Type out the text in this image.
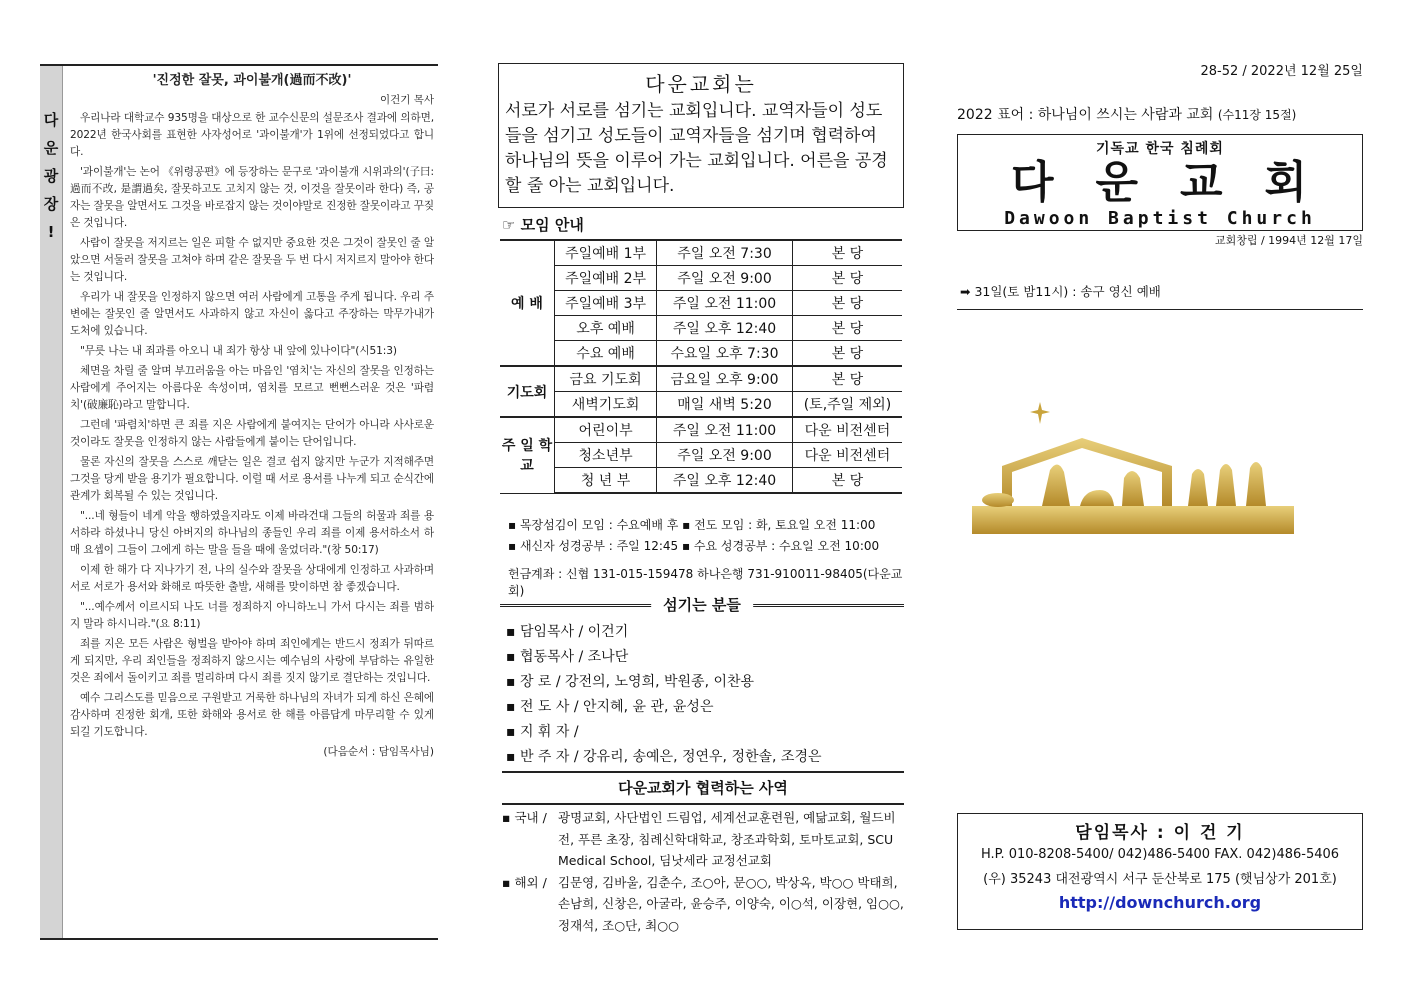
다
운
광
장
!
'진정한 잘못, 과이불개(過而不改)'
이건기 목사

우리나라 대학교수 935명을 대상으로 한 교수신문의 설문조사 결과에 의하면, 2022년 한국사회를 표현한 사자성어로 '과이불개'가 1위에 선정되었다고 합니다.

'과이불개'는 논어 《위령공편》에 등장하는 문구로 '과이불개 시위과의'(子曰: 過而不改, 是謂過矣, 잘못하고도 고치지 않는 것, 이것을 잘못이라 한다) 즉, 공자는 잘못을 알면서도 그것을 바로잡지 않는 것이야말로 진정한 잘못이라고 꾸짖은 것입니다.

사람이 잘못을 저지르는 일은 피할 수 없지만 중요한 것은 그것이 잘못인 줄 알았으면 서둘러 잘못을 고쳐야 하며 같은 잘못을 두 번 다시 저지르지 말아야 한다는 것입니다.

우리가 내 잘못을 인정하지 않으면 여러 사람에게 고통을 주게 됩니다. 우리 주변에는 잘못인 줄 알면서도 사과하지 않고 자신이 옳다고 주장하는 막무가내가 도처에 있습니다.

"무릇 나는 내 죄과를 아오니 내 죄가 항상 내 앞에 있나이다"(시51:3)

체면을 차릴 줄 알며 부끄러움을 아는 마음인 '염치'는 자신의 잘못을 인정하는 사람에게 주어지는 아름다운 속성이며, 염치를 모르고 뻔뻔스러운 것은 '파렴치'(破廉恥)라고 말합니다.

그런데 '파렴치'하면 큰 죄를 지은 사람에게 붙여지는 단어가 아니라 사사로운 것이라도 잘못을 인정하지 않는 사람들에게 붙이는 단어입니다.

물론 자신의 잘못을 스스로 깨닫는 일은 결코 쉽지 않지만 누군가 지적해주면 그것을 당게 받을 용기가 필요합니다. 이럴 때 서로 용서를 나누게 되고 순식간에 관계가 회복될 수 있는 것입니다.

"...네 형들이 네게 악을 행하였을지라도 이제 바라건대 그들의 허물과 죄를 용서하라 하셨나니 당신 아버지의 하나님의 종들인 우리 죄를 이제 용서하소서 하매 요셉이 그들이 그에게 하는 말을 들을 때에 울었더라."(창 50:17)

이제 한 해가 다 지나가기 전, 나의 실수와 잘못을 상대에게 인정하고 사과하며 서로 서로가 용서와 화해로 따뜻한 출발, 새해를 맞이하면 참 좋겠습니다.

"...예수께서 이르시되 나도 너를 정죄하지 아니하노니 가서 다시는 죄를 범하지 말라 하시니라."(요 8:11)

죄를 지은 모든 사람은 형벌을 받아야 하며 죄인에게는 반드시 정죄가 뒤따르게 되지만, 우리 죄인들을 정죄하지 않으시는 예수님의 사랑에 부담하는 유일한 것은 죄에서 돌이키고 죄를 멀리하며 다시 죄를 짓지 않기로 결단하는 것입니다.

예수 그리스도를 믿음으로 구원받고 거룩한 하나님의 자녀가 되게 하신 은혜에 감사하며 진정한 회개, 또한 화해와 용서로 한 해를 아름답게 마무리할 수 있게 되길 기도합니다.

(다음순서 : 담임목사님)
다운교회는
서로가 서로를 섬기는 교회입니다. 교역자들이 성도들을 섬기고 성도들이 교역자들을 섬기며 협력하여 하나님의 뜻을 이루어 가는 교회입니다. 어른을 공경할 줄 아는 교회입니다.
☞ 모임 안내
예 배	주일예배 1부	주일 오전 7:30	본 당
	주일예배 2부	주일 오전 9:00	본 당
	주일예배 3부	주일 오전 11:00	본 당
	오후 예배	주일 오후 12:40	본 당
	수요 예배	수요일 오후 7:30	본 당
기도회	금요 기도회	금요일 오후 9:00	본 당
	새벽기도회	매일 새벽 5:20	(토,주일 제외)
주 일 학 교	어린이부	주일 오전 11:00	다운 비전센터
	청소년부	주일 오전 9:00	다운 비전센터
	청 년 부	주일 오후 12:40	본 당
▪ 목장섬김이 모임 : 수요예배 후 ▪ 전도 모임 : 화, 토요일 오전 11:00
▪ 새신자 성경공부 : 주일 12:45 ▪ 수요 성경공부 : 수요일 오전 10:00
헌금계좌 : 신협 131-015-159478 하나은행 731-910011-98405(다운교회)
섬기는 분들
▪ 담임목사 / 이건기
▪ 협동목사 / 조나단
▪ 장 로 / 강전의, 노영희, 박원종, 이찬용
▪ 전 도 사 / 안지혜, 윤 관, 윤성은
▪ 지 휘 자 /
▪ 반 주 자 / 강유리, 송예은, 정연우, 정한솔, 조경은
다운교회가 협력하는 사역
▪ 국내 / 광명교회, 사단법인 드림업, 세계선교훈련원, 예닮교회, 월드비전, 푸른 초장, 침례신학대학교, 창조과학회, 토마토교회, SCU Medical School, 딤낫세라 교정선교회
▪ 해외 / 김문영, 김바울, 김춘수, 조○아, 문○○, 박상옥, 박○○ 박태희, 손남희, 신창은, 아굴라, 윤승주, 이양숙, 이○석, 이장현, 임○○, 정재석, 조○단, 최○○
28-52 / 2022년 12월 25일
2022 표어 : 하나님이 쓰시는 사람과 교회 (수11장 15절)
기독교 한국 침례회
다운교회
Dawoon Baptist Church
교회창립 / 1994년 12월 17일
➡ 31일(토 밤11시) : 송구 영신 예배
담임목사 : 이 건 기
H.P. 010-8208-5400/ 042)486-5400 FAX. 042)486-5406
(우) 35243 대전광역시 서구 둔산북로 175 (햇님상가 201호)
http://downchurch.org
